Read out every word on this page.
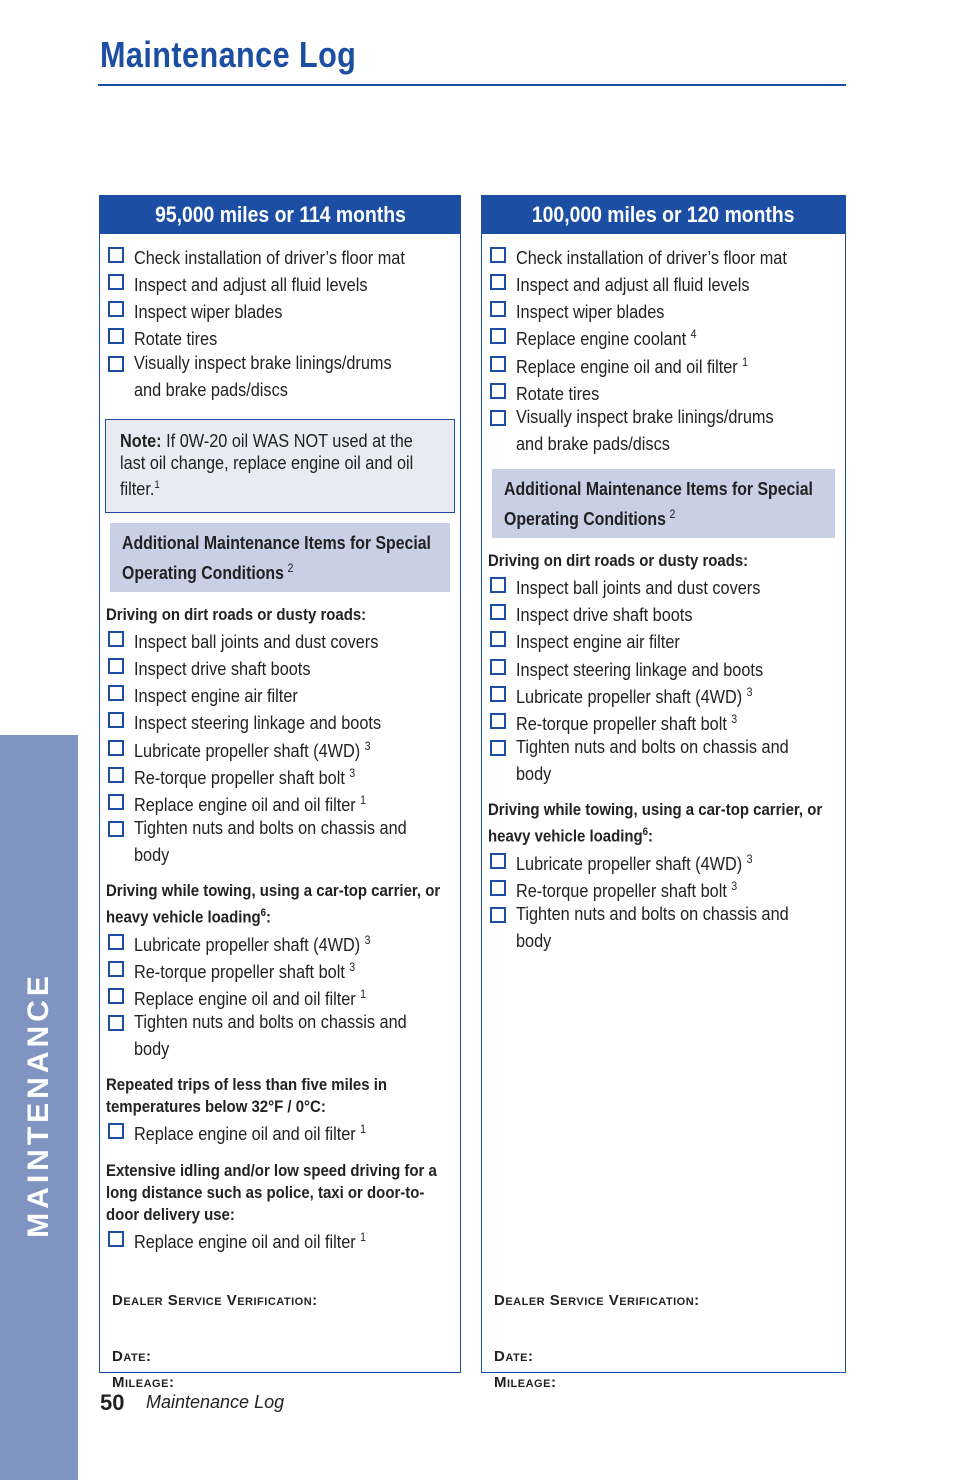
Maintenance Log
MAINTENANCE
95,000 miles or 114 months
Check installation of driver’s floor mat
Inspect and adjust all fluid levels
Inspect wiper blades
Rotate tires
Visually inspect brake linings/drums and brake pads/discs
Note: If 0W-20 oil WAS NOT used at the last oil change, replace engine oil and oil filter.$^1$
Additional Maintenance Items for Special Operating Conditions $^2$
Driving on dirt roads or dusty roads:
Inspect ball joints and dust covers
Inspect drive shaft boots
Inspect engine air filter
Inspect steering linkage and boots
Lubricate propeller shaft (4WD) $^3$
Re-torque propeller shaft bolt $^3$
Replace engine oil and oil filter $^1$
Tighten nuts and bolts on chassis and body
Driving while towing, using a car-top carrier, or heavy vehicle loading$^6$:
Lubricate propeller shaft (4WD) $^3$
Re-torque propeller shaft bolt $^3$
Replace engine oil and oil filter $^1$
Tighten nuts and bolts on chassis and body
Repeated trips of less than five miles in temperatures below 32°F / 0°C:
Replace engine oil and oil filter $^1$
Extensive idling and/or low speed driving for a long distance such as police, taxi or door-to-door delivery use:
Replace engine oil and oil filter $^1$
Dealer Service Verification:
Date:
Mileage:
100,000 miles or 120 months
Check installation of driver’s floor mat
Inspect and adjust all fluid levels
Inspect wiper blades
Replace engine coolant $^4$
Replace engine oil and oil filter $^1$
Rotate tires
Visually inspect brake linings/drums and brake pads/discs
Additional Maintenance Items for Special Operating Conditions $^2$
Driving on dirt roads or dusty roads:
Inspect ball joints and dust covers
Inspect drive shaft boots
Inspect engine air filter
Inspect steering linkage and boots
Lubricate propeller shaft (4WD) $^3$
Re-torque propeller shaft bolt $^3$
Tighten nuts and bolts on chassis and body
Driving while towing, using a car-top carrier, or heavy vehicle loading$^6$:
Lubricate propeller shaft (4WD) $^3$
Re-torque propeller shaft bolt $^3$
Tighten nuts and bolts on chassis and body
Dealer Service Verification:
Date:
Mileage:
50 Maintenance Log
